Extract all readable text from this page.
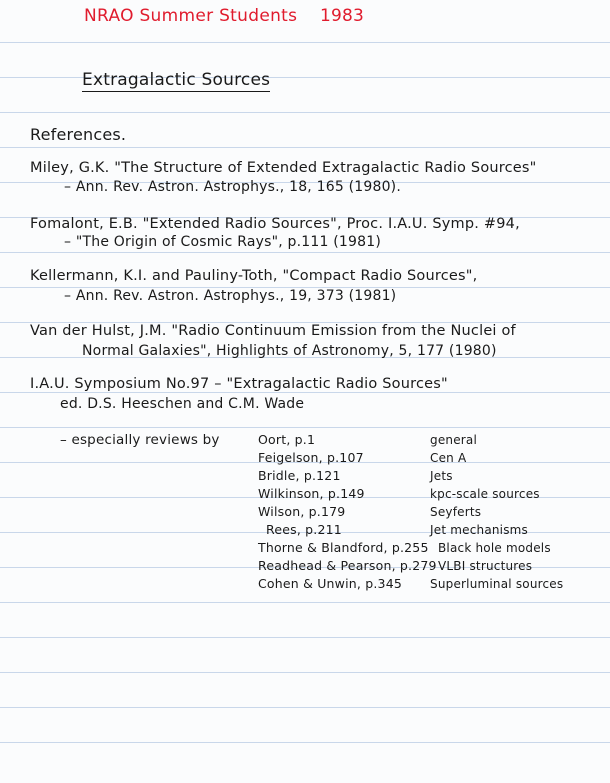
NRAO Summer Students 1983
Extragalactic Sources
References.
Miley, G.K. "The Structure of Extended Extragalactic Radio Sources"
– Ann. Rev. Astron. Astrophys., 18, 165 (1980).
Fomalont, E.B. "Extended Radio Sources", Proc. I.A.U. Symp. #94,
– "The Origin of Cosmic Rays", p.111 (1981)
Kellermann, K.I. and Pauliny-Toth, "Compact Radio Sources",
– Ann. Rev. Astron. Astrophys., 19, 373 (1981)
Van der Hulst, J.M. "Radio Continuum Emission from the Nuclei of
Normal Galaxies", Highlights of Astronomy, 5, 177 (1980)
I.A.U. Symposium No.97 – "Extragalactic Radio Sources"
ed. D.S. Heeschen and C.M. Wade
– especially reviews by	Oort, p.1
Feigelson, p.107
Bridle, p.121
Wilkinson, p.149
Wilson, p.179
Rees, p.211
Thorne & Blandford, p.255
Readhead & Pearson, p.279
Cohen & Unwin, p.345
general
Cen A
Jets
kpc-scale sources
Seyferts
Jet mechanisms
Black hole models
VLBI structures
Superluminal sources
